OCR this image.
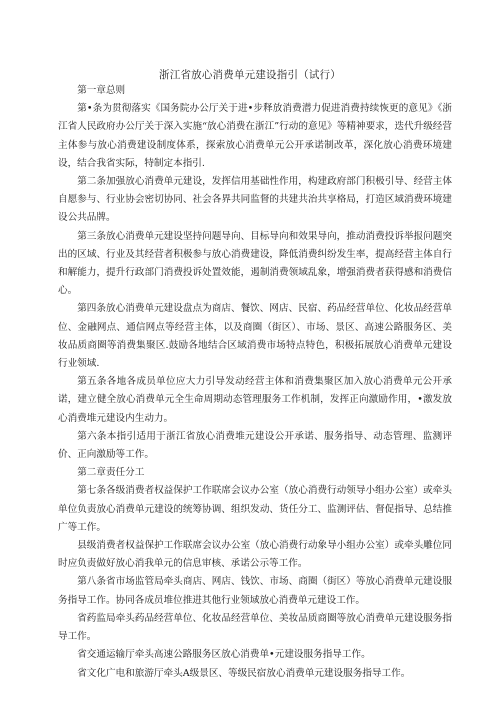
浙江省放心消费单元建设指引（试行）

第一章总则

第•条为贯彻落实《国务院办公厅关于进•步释放消费潜力促进消费持续恢更的意见》《浙江省人民政府办公厅关于深入实施“放心消费在浙江”行动的意见》等精神要求，迭代升级经营主体参与放心消费建设制度体系，探索放心消费单元公开承诺制改革，深化放心消费环境建设，结合我省实际，特制定本指引.

第二条加强放心消费单元建设，发挥信用基础性作用，构建政府部门积极引导、经营主体自愿参与、行业协会密切协同、社会各界共同监督的共建共治共享格局，打造区域消费环境建设公共品牌。

第三条放心消费单元建设坚持问题导向、目标导向和效果导向，推动消费投诉举报问题突出的区域、行业及其经营者积极参与放心消费建设，降低消费纠纷发生率，提高经营主体自行和解能力，提升行政部门消费投诉处置效能，遏制消费领域乱象，增强消费者获得感和消费信心。

第四条放心消费单元建设盘点为商店、餐饮、网店、民宿、药品经营单位、化妆品经营单位、金融网点、通信网点等经营主体，以及商圈（街区）、市场、景区、高速公路服务区、美妆品质商圈等消费集聚区.鼓励各地结合区域消费市场特点特色，积极拓展放心消费单元建设行业领域.

第五条各地各成员单位应大力引导发动经营主体和消费集聚区加入放心消费单元公开承诺，建立健全放心消费单元全生命周期动态管理服务工作机制，发挥正向激励作用，•激发放心消费堆元建设内生动力。

第六条本指引适用于浙江省放心消费堆元建设公开承诺、服务指导、动态管理、监测评价、正向激励等工作。

第二章责任分工

第七条各级消费者权益保护工作联席会议办公室（放心消费行动领导小组办公室）或牵头单位负责放心消费单元建设的统筹协调、组织发动、货任分工、监测评估、督促指导、总结推广等工作。

县级消费者权益保护工作联席会议办公室（放心消费行动象导小组办公室）或牵头雕位同时应负责做好放心消我单元的信息审核、承诺公示等工作。

第八条省市场监管局牵头商店、网店、钱饮、市场、商圈（街区）等放心消费单元建设服务指导工作。协同各成员堆位推进其他行业领域放心消费单元建设工作。

省药监局牵头药品经营单位、化妆品经营单位、美妆品质商圈等放心消费单元建设服务指导工作。

省交通运输厅牵头高速公路服务区放心消费单•元建设服务指导工作。

省文化广电和旅游厅牵头A级景区、等级民宿放心消费单元建设服务指导工作。
